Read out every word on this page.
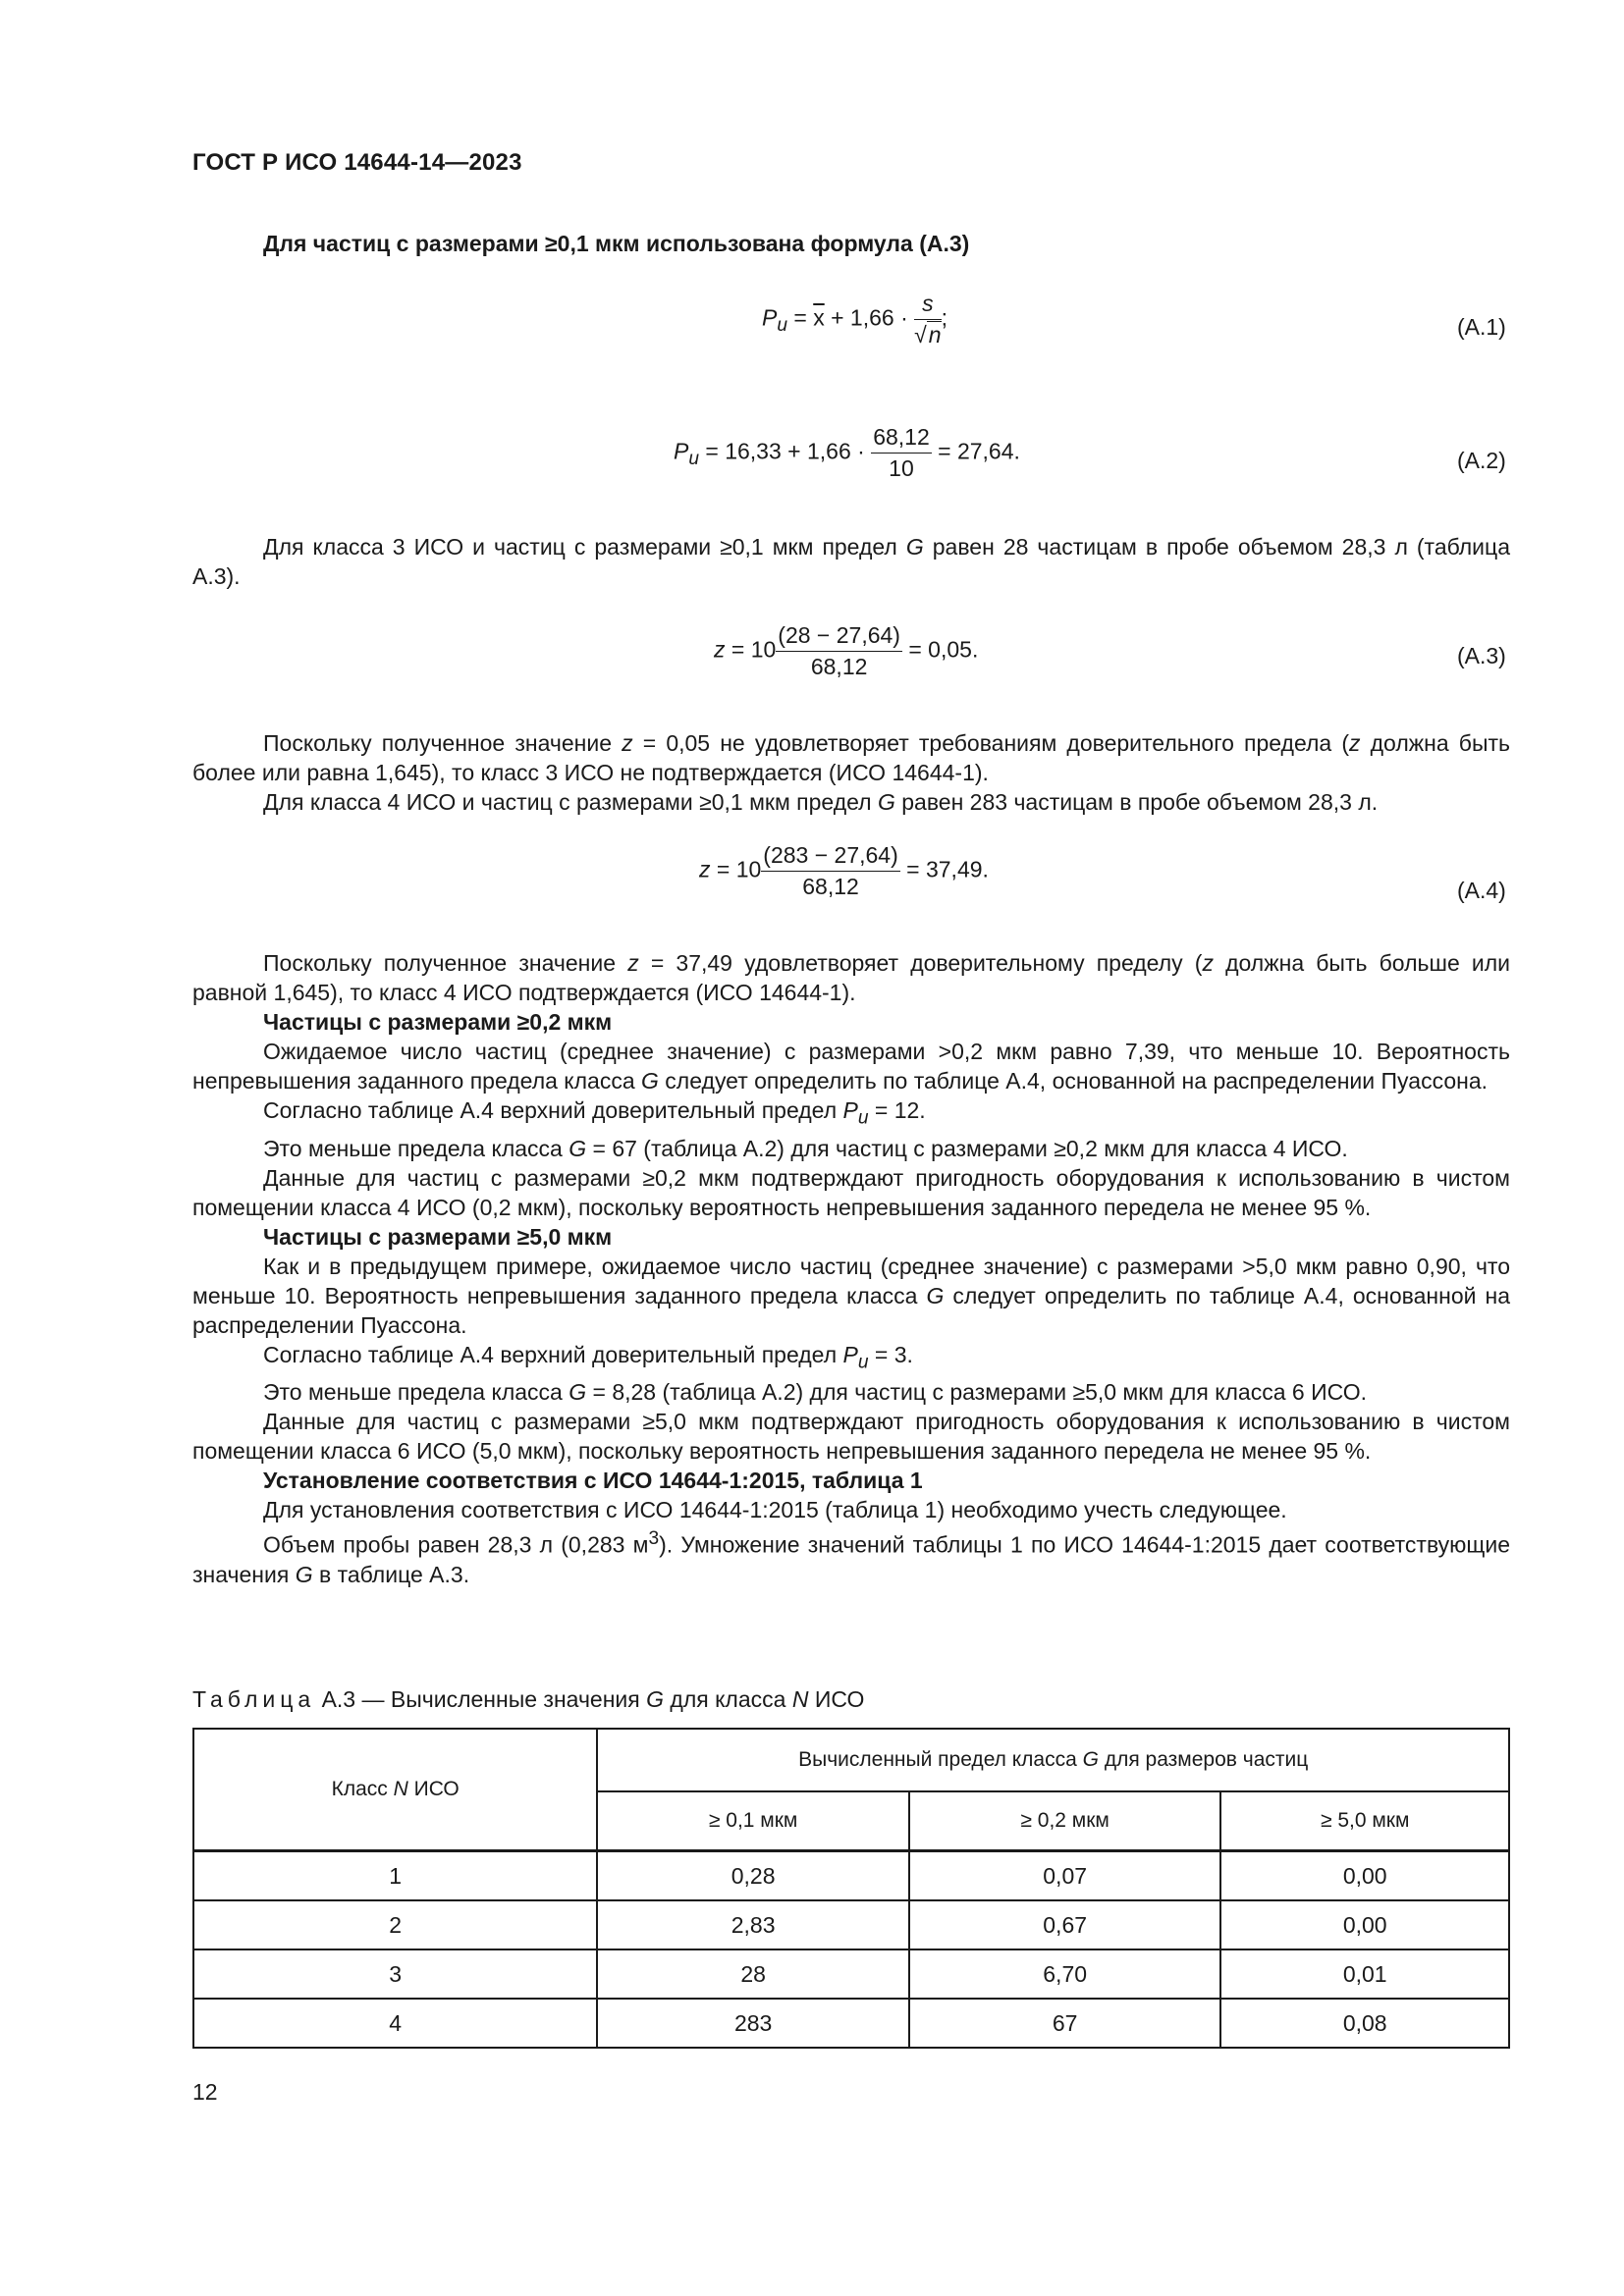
ГОСТ Р ИСО 14644-14—2023

Для частиц с размерами ≥0,1 мкм использована формула (А.3)

$P_u = \overline{x} + 1,66 \cdot \frac{s}{√n}$ ;	(А.1)
$P_u = 16,33 + 1,66 \cdot \frac{68,12}{10} = 27,64$.	(А.2)

Для класса 3 ИСО и частиц с размерами ≥0,1 мкм предел G равен 28 частицам в пробе объемом 28,3 л (таблица А.3).

$z = 10 \frac{(28 - 27,64)}{68,12} = 0,05$.	(А.3)

Поскольку полученное значение z = 0,05 не удовлетворяет требованиям доверительного предела (z должна быть более или равна 1,645), то класс 3 ИСО не подтверждается (ИСО 14644-1).

Для класса 4 ИСО и частиц с размерами ≥0,1 мкм предел G равен 283 частицам в пробе объемом 28,3 л.

$z = 10 \frac{(283 - 27,64)}{68,12} = 37,49$.
(А.4)

Поскольку полученное значение z = 37,49 удовлетворяет доверительному пределу (z должна быть больше или равной 1,645), то класс 4 ИСО подтверждается (ИСО 14644-1).

Частицы с размерами ≥0,2 мкм

Ожидаемое число частиц (среднее значение) с размерами >0,2 мкм равно 7,39, что меньше 10. Вероятность непревышения заданного предела класса G следует определить по таблице А.4, основанной на распределении Пуассона.

Согласно таблице А.4 верхний доверительный предел $P_u = 12$.

Это меньше предела класса G = 67 (таблица А.2) для частиц с размерами ≥0,2 мкм для класса 4 ИСО.

Данные для частиц с размерами ≥0,2 мкм подтверждают пригодность оборудования к использованию в чистом помещении класса 4 ИСО (0,2 мкм), поскольку вероятность непревышения заданного передела не менее 95 %.

Частицы с размерами ≥5,0 мкм

Как и в предыдущем примере, ожидаемое число частиц (среднее значение) с размерами >5,0 мкм равно 0,90, что меньше 10. Вероятность непревышения заданного предела класса G следует определить по таблице А.4, основанной на распределении Пуассона.

Согласно таблице А.4 верхний доверительный предел $P_u = 3$.

Это меньше предела класса G = 8,28 (таблица А.2) для частиц с размерами ≥5,0 мкм для класса 6 ИСО.

Данные для частиц с размерами ≥5,0 мкм подтверждают пригодность оборудования к использованию в чистом помещении класса 6 ИСО (5,0 мкм), поскольку вероятность непревышения заданного передела не менее 95 %.

Установление соответствия с ИСО 14644-1:2015, таблица 1

Для установления соответствия с ИСО 14644-1:2015 (таблица 1) необходимо учесть следующее.

Объем пробы равен 28,3 л (0,283 $м^3$). Умножение значений таблицы 1 по ИСО 14644-1:2015 дает соответствующие значения G в таблице А.3.

Таблица А.3 — Вычисленные значения G для класса N ИСО
Класс N ИСО	Вычисленный предел класса G для размеров частиц		
	≥ 0,1 мкм	≥ 0,2 мкм	≥ 5,0 мкм
1	0,28	0,07	0,00
2	2,83	0,67	0,00
3	28	6,70	0,01
4	283	67	0,08
12
